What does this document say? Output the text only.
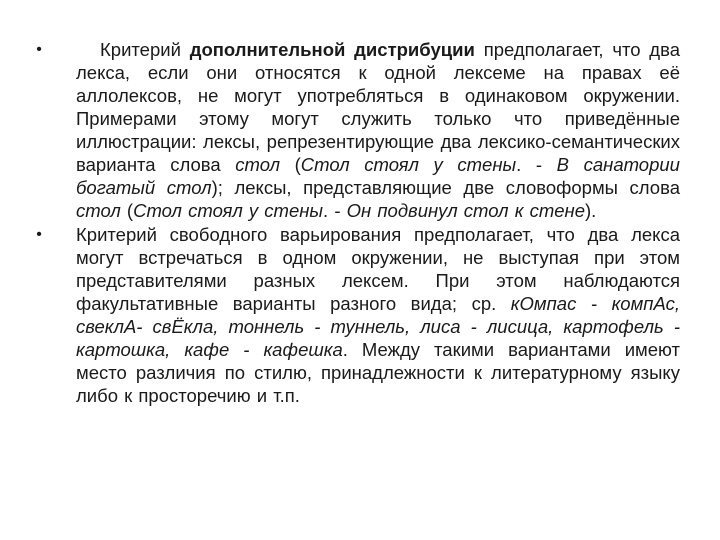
•	Критерий дополнительной дистрибуции предполагает, что два лекса, если они относятся к одной лексеме на правах её аллолексов, не могут употребляться в одинаковом окружении. Примерами этому могут служить только что приведённые иллюстрации: лексы, репрезентирующие два лексико-семантических варианта слова стол (Стол стоял у стены. - В санатории богатый стол); лексы, представляющие две словоформы слова стол (Стол стоял у стены. - Он подвинул стол к стене).
• Критерий свободного варьирования предполагает, что два лекса могут встречаться в одном окружении, не выступая при этом представителями разных лексем. При этом наблюдаются факультативные варианты разного вида; ср. кОмпас - компАс, свеклА- свЁкла, тоннель - туннель, лиса - лисица, картофель - картошка, кафе - кафешка. Между такими вариантами имеют место различия по стилю, принадлежности к литературному языку либо к просторечию и т.п.
